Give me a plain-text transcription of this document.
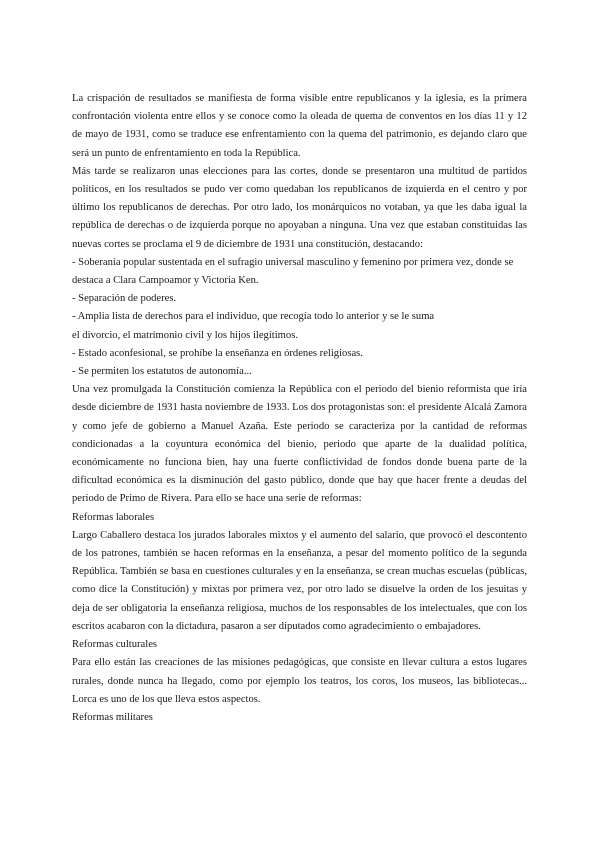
La crispación de resultados se manifiesta de forma visible entre republicanos y la iglesia, es la primera confrontación violenta entre ellos y se conoce como la oleada de quema de conventos en los días 11 y 12 de mayo de 1931, como se traduce ese enfrentamiento con la quema del patrimonio, es dejando claro que será un punto de enfrentamiento en toda la República.

Más tarde se realizaron unas elecciones para las cortes, donde se presentaron una multitud de partidos políticos, en los resultados se pudo ver como quedaban los republicanos de izquierda en el centro y por último los republicanos de derechas. Por otro lado, los monárquicos no votaban, ya que les daba igual la república de derechas o de izquierda porque no apoyaban a ninguna. Una vez que estaban constituidas las nuevas cortes se proclama el 9 de diciembre de 1931 una constitución, destacando:

- Soberanía popular sustentada en el sufragio universal masculino y femenino por primera vez, donde se destaca a Clara Campoamor y Victoria Ken.

- Separación de poderes.

- Amplia lista de derechos para el individuo, que recogía todo lo anterior y se le suma

el divorcio, el matrimonio civil y los hijos ilegítimos.

- Estado aconfesional, se prohíbe la enseñanza en órdenes religiosas.

- Se permiten los estatutos de autonomía...

Una vez promulgada la Constitución comienza la República con el periodo del bienio reformista que iría desde diciembre de 1931 hasta noviembre de 1933. Los dos protagonistas son: el presidente Alcalá Zamora y como jefe de gobierno a Manuel Azaña. Este periodo se caracteriza por la cantidad de reformas condicionadas a la coyuntura económica del bienio, periodo que aparte de la dualidad política, económicamente no funciona bien, hay una fuerte conflictividad de fondos donde buena parte de la dificultad económica es la disminución del gasto público, donde que hay que hacer frente a deudas del periodo de Primo de Rivera. Para ello se hace una serie de reformas:

Reformas laborales

Largo Caballero destaca los jurados laborales mixtos y el aumento del salario, que provocó el descontento de los patrones, también se hacen reformas en la enseñanza, a pesar del momento político de la segunda República. También se basa en cuestiones culturales y en la enseñanza, se crean muchas escuelas (públicas, como dice la Constitución) y mixtas por primera vez, por otro lado se disuelve la orden de los jesuitas y deja de ser obligatoria la enseñanza religiosa, muchos de los responsables de los intelectuales, que con los escritos acabaron con la dictadura, pasaron a ser diputados como agradecimiento o embajadores.

Reformas culturales

Para ello están las creaciones de las misiones pedagógicas, que consiste en llevar cultura a estos lugares rurales, donde nunca ha llegado, como por ejemplo los teatros, los coros, los museos, las bibliotecas... Lorca es uno de los que lleva estos aspectos.

Reformas militares
